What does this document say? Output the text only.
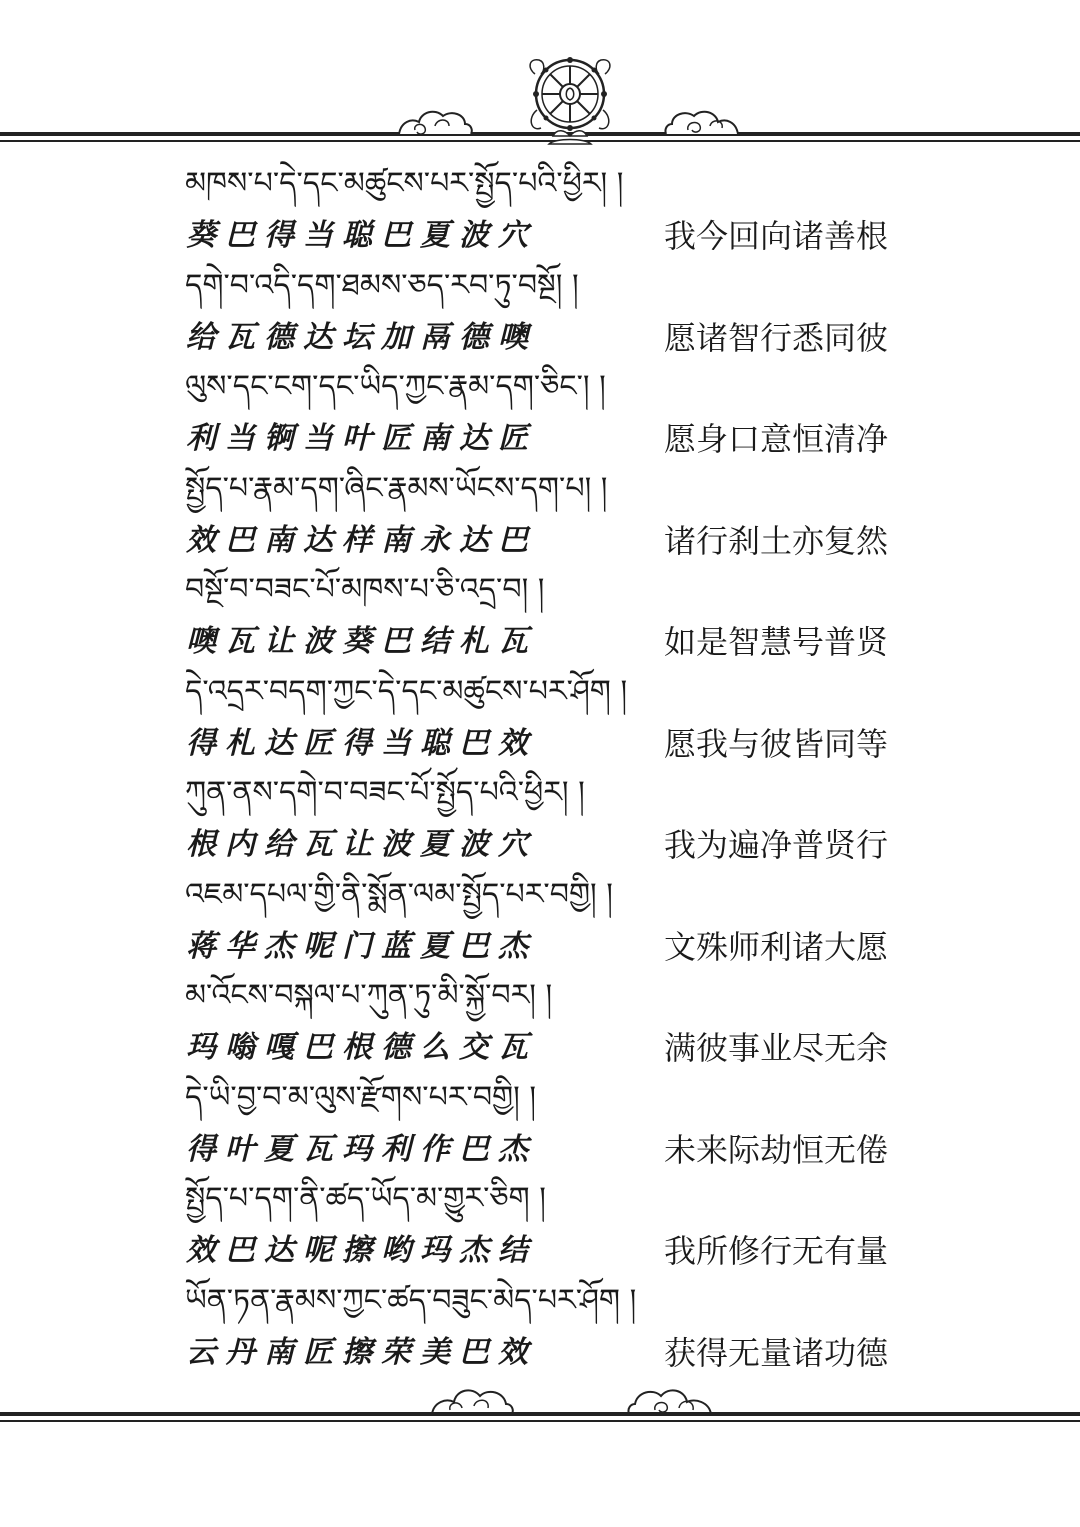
མཁས་པ་དེ་དང་མཚུངས་པར་སྤྱོད་པའི་ཕྱིར། །
葵巴得当聪巴夏波穴	我今回向诸善根
དགེ་བ་འདི་དག་ཐམས་ཅད་རབ་ཏུ་བསྔོ། །
给瓦德达坛加鬲德噢	愿诸智行悉同彼
ལུས་དང་ངག་དང་ཡིད་ཀྱང་རྣམ་དག་ཅིང་། །
利当锕当叶匠南达匠	愿身口意恒清净
སྤྱོད་པ་རྣམ་དག་ཞིང་རྣམས་ཡོངས་དག་པ། །
效巴南达样南永达巴	诸行刹土亦复然
བསྔོ་བ་བཟང་པོ་མཁས་པ་ཅི་འདྲ་བ། །
噢瓦让波葵巴结札瓦	如是智慧号普贤
དེ་འདྲར་བདག་ཀྱང་དེ་དང་མཚུངས་པར་ཤོག །
得札达匠得当聪巴效	愿我与彼皆同等
ཀུན་ནས་དགེ་བ་བཟང་པོ་སྤྱོད་པའི་ཕྱིར། །
根内给瓦让波夏波穴	我为遍净普贤行
འཇམ་དཔལ་གྱི་ནི་སྨོན་ལམ་སྤྱོད་པར་བགྱི། །
蒋华杰呢门蓝夏巴杰	文殊师利诸大愿
མ་འོངས་བསྐལ་པ་ཀུན་ཏུ་མི་སྐྱོ་བར། །
玛嗡嘎巴根德么交瓦	满彼事业尽无余
དེ་ཡི་བྱ་བ་མ་ལུས་རྫོགས་པར་བགྱི། །
得叶夏瓦玛利作巴杰	未来际劫恒无倦
སྤྱོད་པ་དག་ནི་ཚད་ཡོད་མ་གྱུར་ཅིག །
效巴达呢擦哟玛杰结	我所修行无有量
ཡོན་ཏན་རྣམས་ཀྱང་ཚད་བཟུང་མེད་པར་ཤོག །
云丹南匠擦荣美巴效	获得无量诸功德
